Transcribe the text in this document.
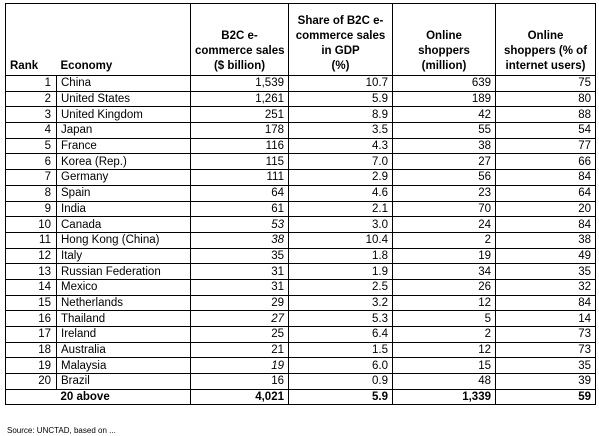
Rank	Economy	B2C e-
commerce sales
($ billion)	Share of B2C e-
commerce sales
in GDP
(%)	Online
shoppers
(million)	Online
shoppers (% of
internet users)

1	China	1,539	10.7	639	75
2	United States	1,261	5.9	189	80
3	United Kingdom	251	8.9	42	88
4	Japan	178	3.5	55	54
5	France	116	4.3	38	77
6	Korea (Rep.)	115	7.0	27	66
7	Germany	111	2.9	56	84
8	Spain	64	4.6	23	64
9	India	61	2.1	70	20
10	Canada	53	3.0	24	84
11	Hong Kong (China)	38	10.4	2	38
12	Italy	35	1.8	19	49
13	Russian Federation	31	1.9	34	35
14	Mexico	31	2.5	26	32
15	Netherlands	29	3.2	12	84
16	Thailand	27	5.3	5	14
17	Ireland	25	6.4	2	73
18	Australia	21	1.5	12	73
19	Malaysia	19	6.0	15	35
20	Brazil	16	0.9	48	39
	20 above	4,021	5.9	1,339	59
Source: UNCTAD, based on ...
